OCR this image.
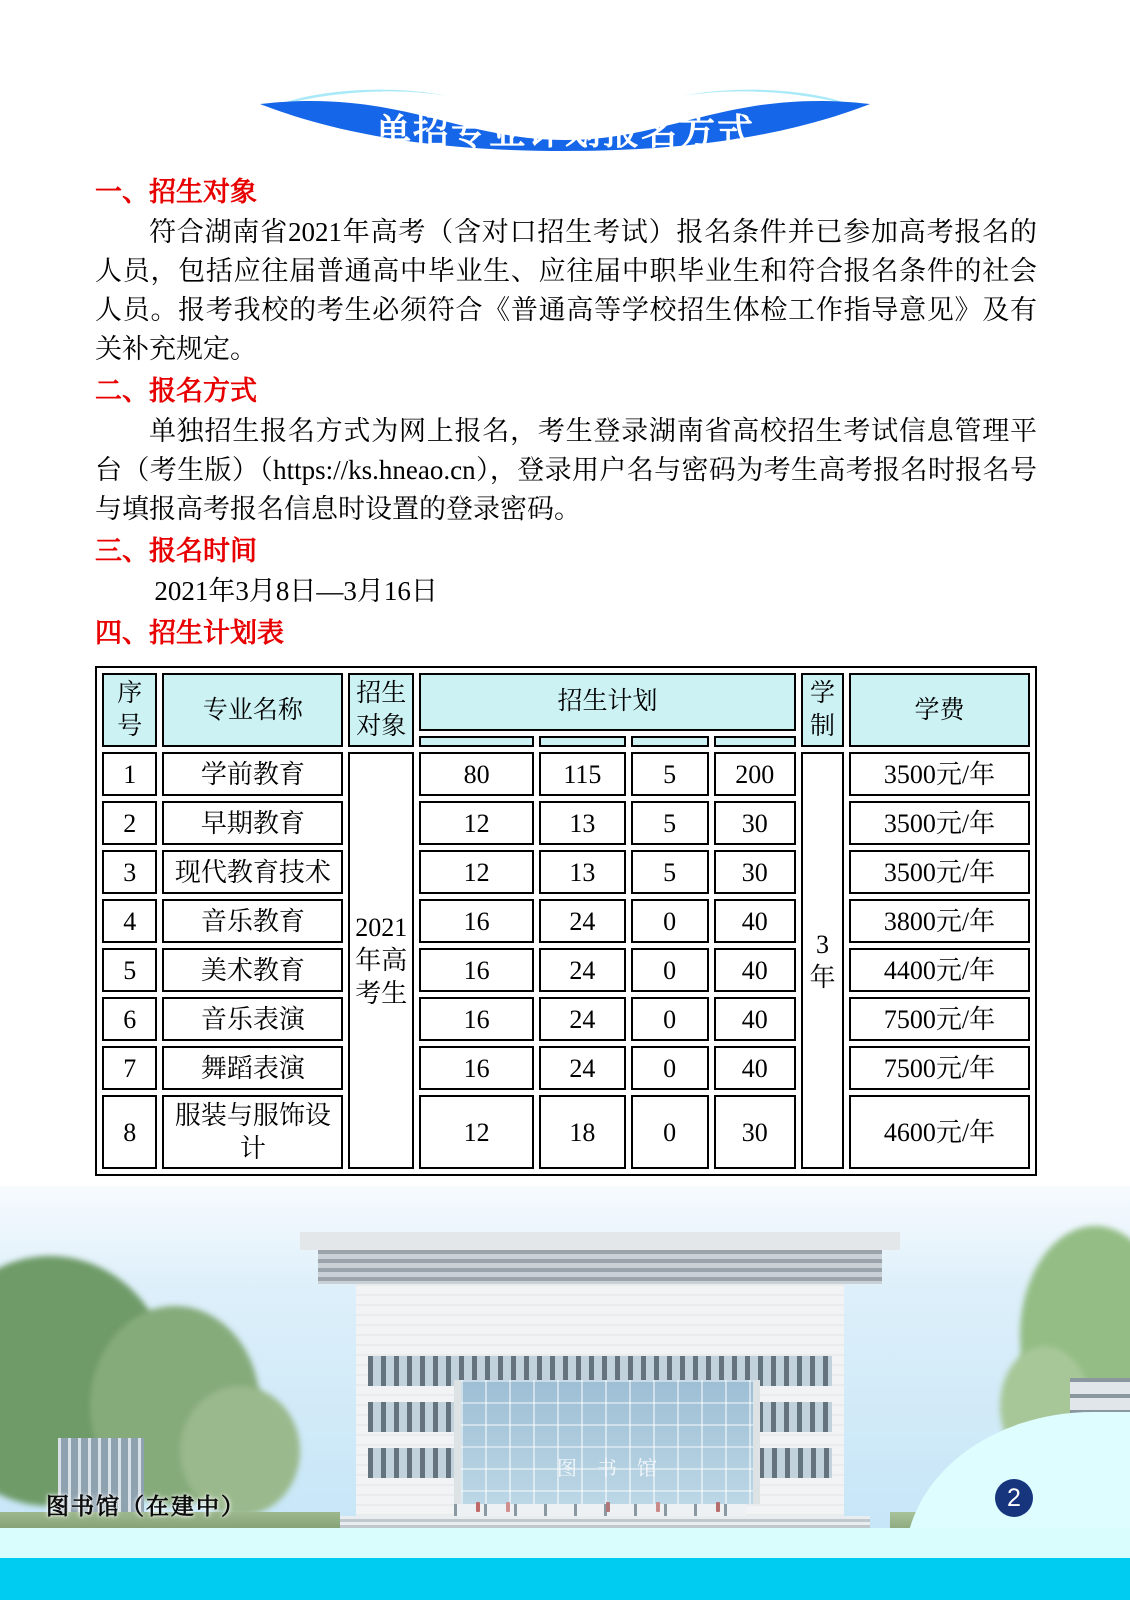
单招专业计划报名方式
一、招生对象

符合湖南省2021年高考（含对口招生考试）报名条件并已参加高考报名的人员，包括应往届普通高中毕业生、应往届中职毕业生和符合报名条件的社会人员。报考我校的考生必须符合《普通高等学校招生体检工作指导意见》及有关补充规定。

二、报名方式

单独招生报名方式为网上报名，考生登录湖南省高校招生考试信息管理平台（考生版）（https://ks.hneao.cn），登录用户名与密码为考生高考报名时报名号与填报高考报名信息时设置的登录密码。

三、报名时间

2021年3月8日—3月16日

四、招生计划表
序号	专业名称	招生对象	招生计划				学制	学费

1	学前教育	2021年高考生	80	115	5	200	3年	3500元/年
2	早期教育		12	13	5	30		3500元/年
3	现代教育技术		12	13	5	30		3500元/年
4	音乐教育		16	24	0	40		3800元/年
5	美术教育		16	24	0	40		4400元/年
6	音乐表演		16	24	0	40		7500元/年
7	舞蹈表演		16	24	0	40		7500元/年
8	服装与服饰设计		12	18	0	30		4600元/年

图书馆
图书馆（在建中）	2
